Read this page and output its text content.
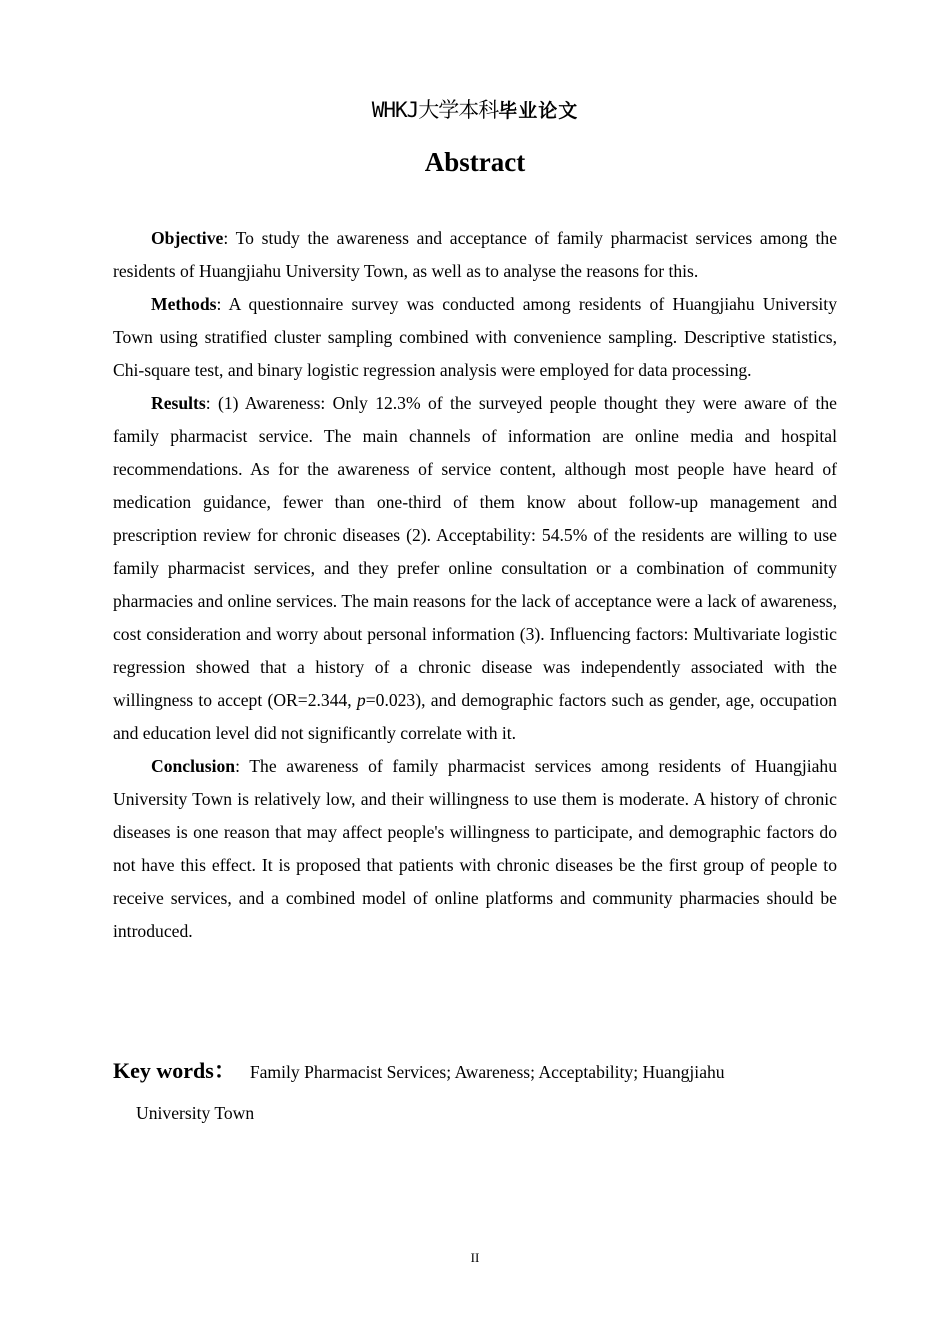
WHKJ大学本科毕业论文
Abstract

Objective: To study the awareness and acceptance of family pharmacist services among the residents of Huangjiahu University Town, as well as to analyse the reasons for this.

Methods: A questionnaire survey was conducted among residents of Huangjiahu University Town using stratified cluster sampling combined with convenience sampling. Descriptive statistics, Chi-square test, and binary logistic regression analysis were employed for data processing.

Results: (1) Awareness: Only 12.3% of the surveyed people thought they were aware of the family pharmacist service. The main channels of information are online media and hospital recommendations. As for the awareness of service content, although most people have heard of medication guidance, fewer than one-third of them know about follow-up management and prescription review for chronic diseases (2). Acceptability: 54.5% of the residents are willing to use family pharmacist services, and they prefer online consultation or a combination of community pharmacies and online services. The main reasons for the lack of acceptance were a lack of awareness, cost consideration and worry about personal information (3). Influencing factors: Multivariate logistic regression showed that a history of a chronic disease was independently associated with the willingness to accept (OR=2.344, p=0.023), and demographic factors such as gender, age, occupation and education level did not significantly correlate with it.

Conclusion: The awareness of family pharmacist services among residents of Huangjiahu University Town is relatively low, and their willingness to use them is moderate. A history of chronic diseases is one reason that may affect people's willingness to participate, and demographic factors do not have this effect. It is proposed that patients with chronic diseases be the first group of people to receive services, and a combined model of online platforms and community pharmacies should be introduced.

Key words： Family Pharmacist Services; Awareness; Acceptability; Huangjiahu
University Town
II
